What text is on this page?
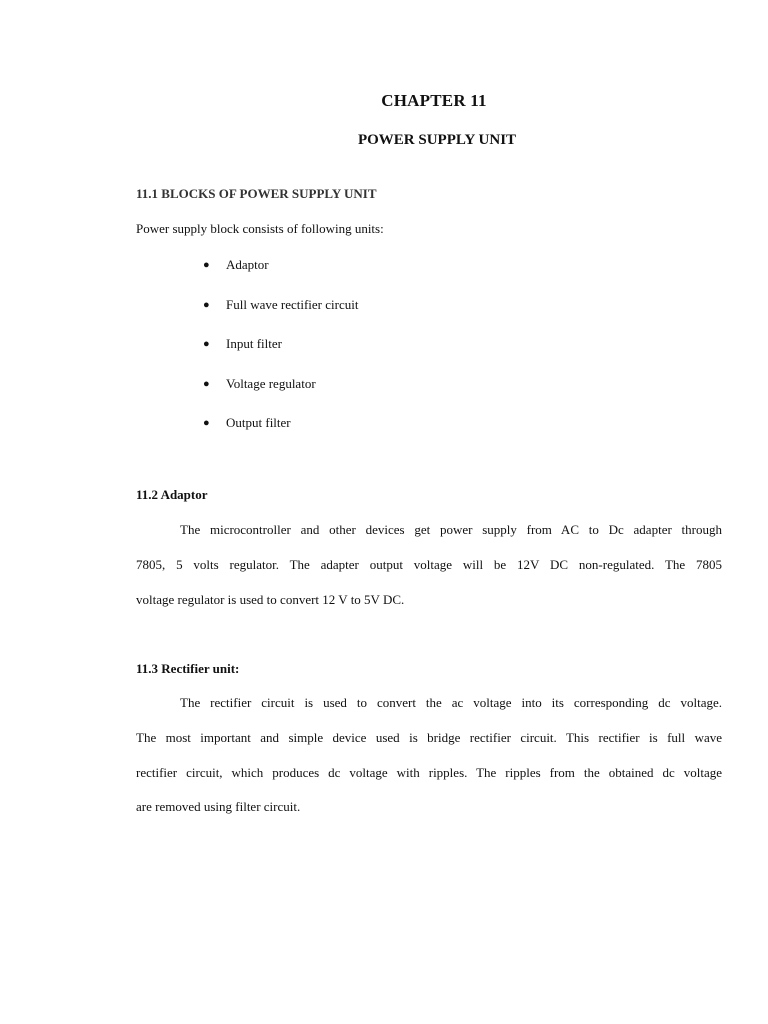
CHAPTER 11
POWER SUPPLY UNIT
11.1 BLOCKS OF POWER SUPPLY UNIT
Power supply block consists of following units:
●	Adaptor
●	Full wave rectifier circuit
●	Input filter
●	Voltage regulator
●	Output filter
11.2 Adaptor
The microcontroller and other devices get power supply from AC to Dc adapter through
7805, 5 volts regulator. The adapter output voltage will be 12V DC non-regulated. The 7805
voltage regulator is used to convert 12 V to 5V DC.
11.3 Rectifier unit:
The rectifier circuit is used to convert the ac voltage into its corresponding dc voltage.
The most important and simple device used is bridge rectifier circuit. This rectifier is full wave
rectifier circuit, which produces dc voltage with ripples. The ripples from the obtained dc voltage
are removed using filter circuit.
